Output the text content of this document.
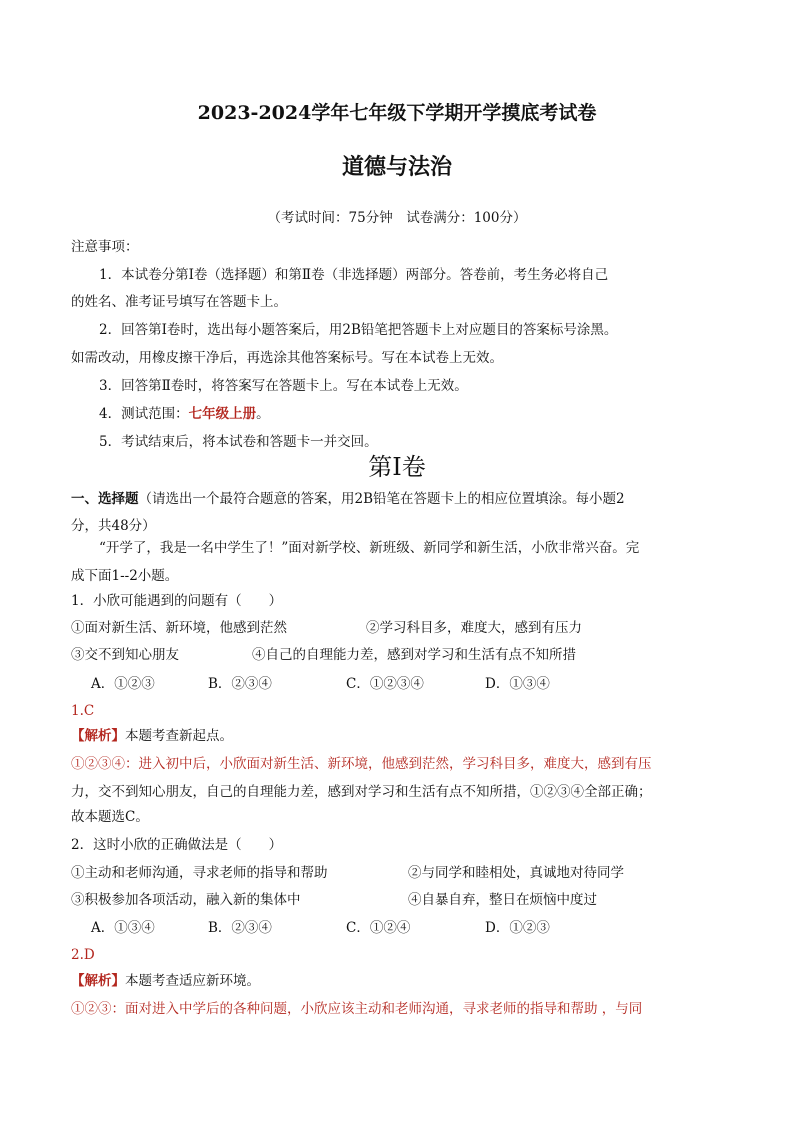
2023-2024学年七年级下学期开学摸底考试卷
道德与法治
（考试时间：75分钟　试卷满分：100分）
注意事项：
1．本试卷分第Ⅰ卷（选择题）和第Ⅱ卷（非选择题）两部分。答卷前，考生务必将自己
的姓名、准考证号填写在答题卡上。
2．回答第Ⅰ卷时，选出每小题答案后，用2B铅笔把答题卡上对应题目的答案标号涂黑。
如需改动，用橡皮擦干净后，再选涂其他答案标号。写在本试卷上无效。
3．回答第Ⅱ卷时，将答案写在答题卡上。写在本试卷上无效。
4．测试范围：七年级上册。
5．考试结束后，将本试卷和答题卡一并交回。
第Ⅰ卷
一、选择题（请选出一个最符合题意的答案，用2B铅笔在答题卡上的相应位置填涂。每小题2
分，共48分）
“开学了，我是一名中学生了！”面对新学校、新班级、新同学和新生活，小欣非常兴奋。完
成下面1--2小题。
1．小欣可能遇到的问题有（　　）
①面对新生活、新环境，他感到茫然	②学习科目多，难度大，感到有压力
③交不到知心朋友	④自己的自理能力差，感到对学习和生活有点不知所措
A．①②③	B．②③④	C．①②③④	D．①③④
1.C
【解析】本题考查新起点。
①②③④：进入初中后，小欣面对新生活、新环境，他感到茫然，学习科目多，难度大，感到有压
力，交不到知心朋友，自己的自理能力差，感到对学习和生活有点不知所措，①②③④全部正确；
故本题选C。
2．这时小欣的正确做法是（　　）
①主动和老师沟通，寻求老师的指导和帮助	②与同学和睦相处，真诚地对待同学
③积极参加各项活动，融入新的集体中	④自暴自弃，整日在烦恼中度过
A．①③④	B．②③④	C．①②④	D．①②③
2.D
【解析】本题考查适应新环境。
①②③：面对进入中学后的各种问题，小欣应该主动和老师沟通，寻求老师的指导和帮助 ，与同
